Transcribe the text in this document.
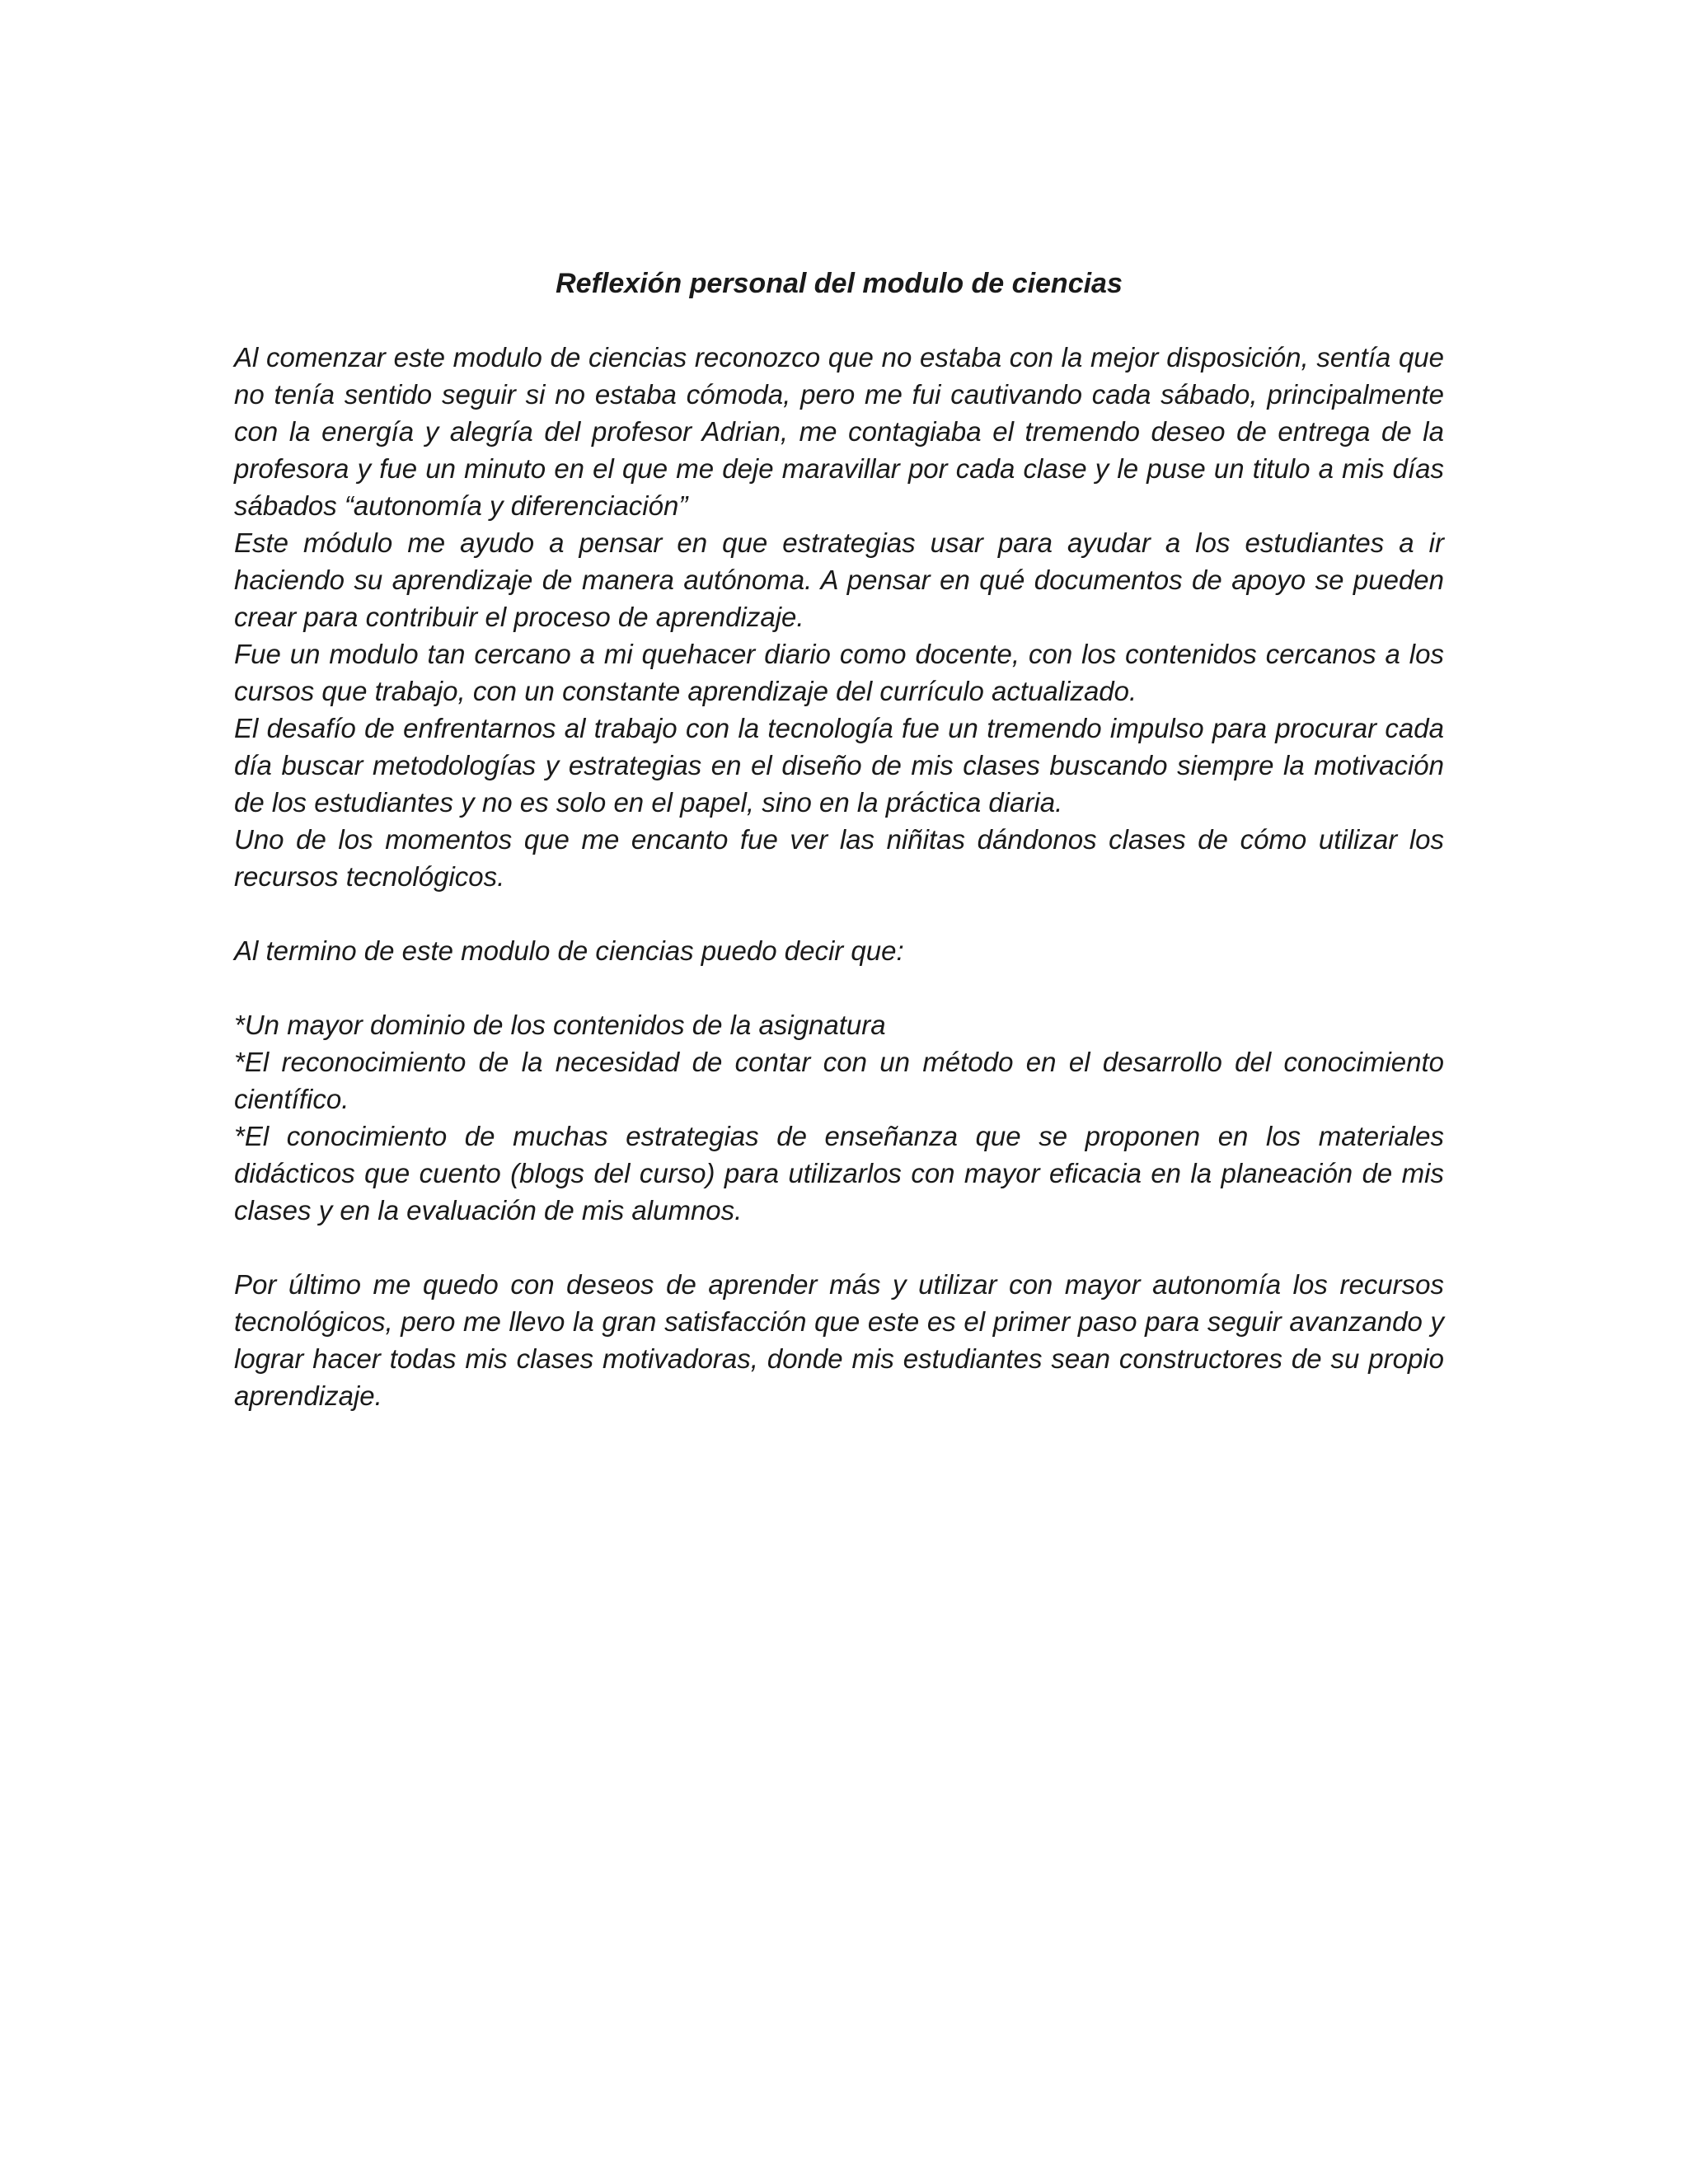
Reflexión personal del modulo de ciencias

Al comenzar este modulo de ciencias reconozco que no estaba con la mejor disposición, sentía que no tenía sentido seguir si no estaba cómoda, pero me fui cautivando cada sábado, principalmente con la energía y alegría del profesor Adrian, me contagiaba el tremendo deseo de entrega de la profesora y fue un minuto en el que me deje maravillar por cada clase y le puse un titulo a mis días sábados “autonomía y diferenciación”

Este módulo me ayudo a pensar en que estrategias usar para ayudar a los estudiantes a ir haciendo su aprendizaje de manera autónoma. A pensar en qué documentos de apoyo se pueden crear para contribuir el proceso de aprendizaje.

Fue un modulo tan cercano a mi quehacer diario como docente, con los contenidos cercanos a los cursos que trabajo, con un constante aprendizaje del currículo actualizado.

El desafío de enfrentarnos al trabajo con la tecnología fue un tremendo impulso para procurar cada día buscar metodologías y estrategias en el diseño de mis clases buscando siempre la motivación de los estudiantes y no es solo en el papel, sino en la práctica diaria.

Uno de los momentos que me encanto fue ver las niñitas dándonos clases de cómo utilizar los recursos tecnológicos.

Al termino de este modulo de ciencias puedo decir que:

*Un mayor dominio de los contenidos de la asignatura

*El reconocimiento de la necesidad de contar con un método en el desarrollo del conocimiento científico.

*El conocimiento de muchas estrategias de enseñanza que se proponen en los materiales didácticos que cuento (blogs del curso) para utilizarlos con mayor eficacia en la planeación de mis clases y en la evaluación de mis alumnos.

Por último me quedo con deseos de aprender más y utilizar con mayor autonomía los recursos tecnológicos, pero me llevo la gran satisfacción que este es el primer paso para seguir avanzando y lograr hacer todas mis clases motivadoras, donde mis estudiantes sean constructores de su propio aprendizaje.
